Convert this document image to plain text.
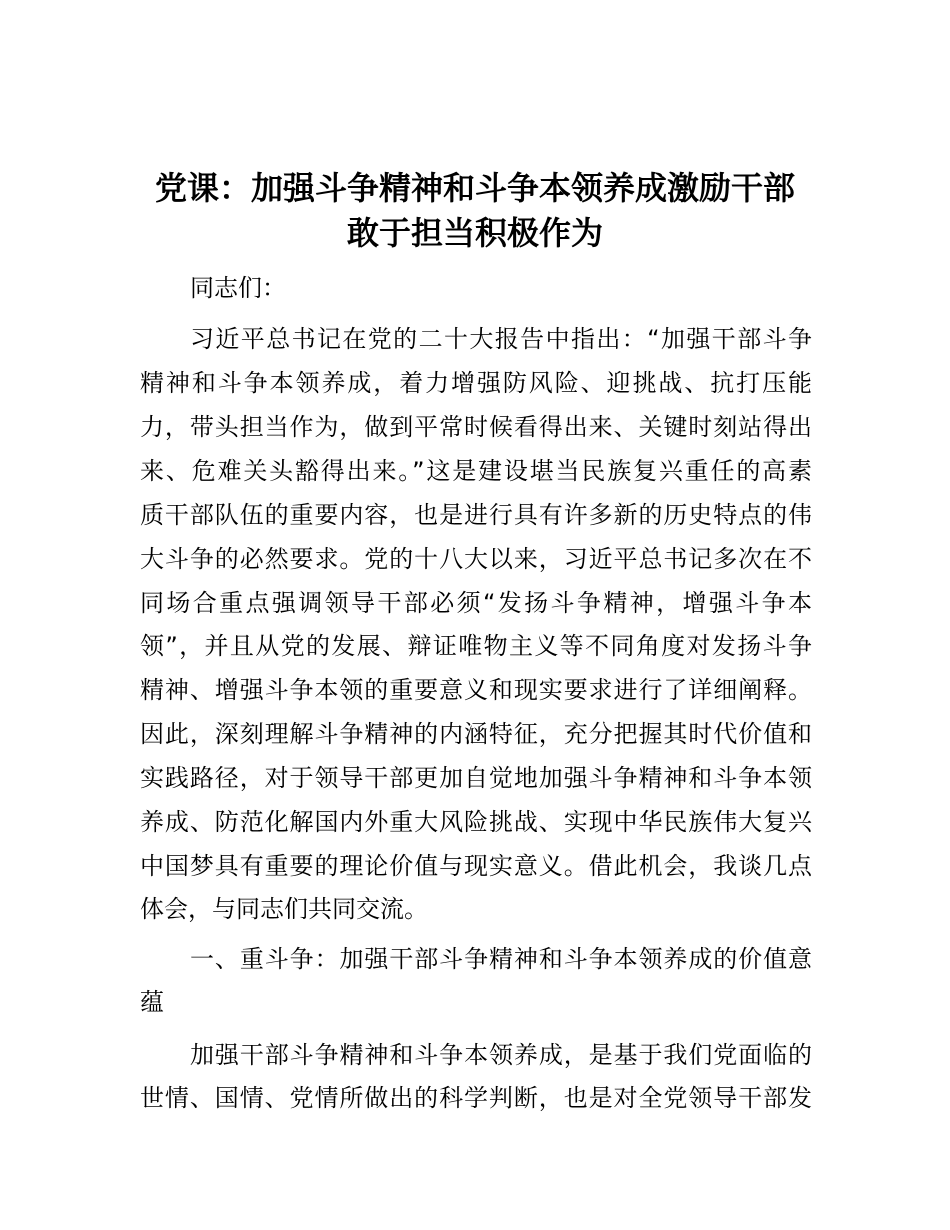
党课：加强斗争精神和斗争本领养成激励干部
敢于担当积极作为
同志们：
习近平总书记在党的二十大报告中指出：“加强干部斗争
精神和斗争本领养成，着力增强防风险、迎挑战、抗打压能
力，带头担当作为，做到平常时候看得出来、关键时刻站得出
来、危难关头豁得出来。”这是建设堪当民族复兴重任的高素
质干部队伍的重要内容，也是进行具有许多新的历史特点的伟
大斗争的必然要求。党的十八大以来，习近平总书记多次在不
同场合重点强调领导干部必须“发扬斗争精神，增强斗争本
领”，并且从党的发展、辩证唯物主义等不同角度对发扬斗争
精神、增强斗争本领的重要意义和现实要求进行了详细阐释。
因此，深刻理解斗争精神的内涵特征，充分把握其时代价值和
实践路径，对于领导干部更加自觉地加强斗争精神和斗争本领
养成、防范化解国内外重大风险挑战、实现中华民族伟大复兴
中国梦具有重要的理论价值与现实意义。借此机会，我谈几点
体会，与同志们共同交流。
一、重斗争：加强干部斗争精神和斗争本领养成的价值意
蕴
加强干部斗争精神和斗争本领养成，是基于我们党面临的
世情、国情、党情所做出的科学判断，也是对全党领导干部发
